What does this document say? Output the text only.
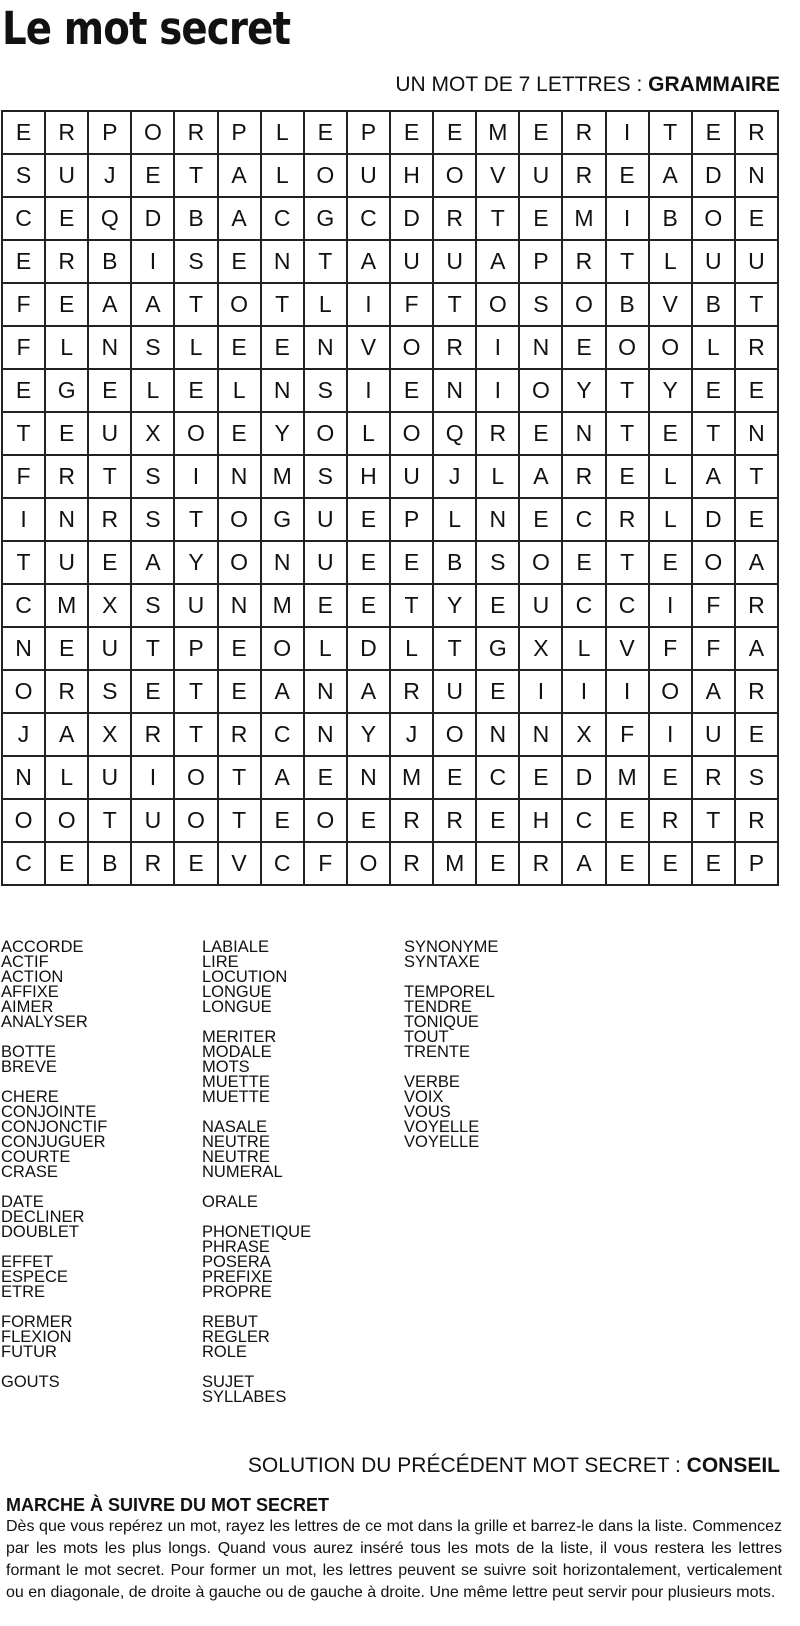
Le mot secret
UN MOT DE 7 LETTRES : GRAMMAIRE
E	R	P	O	R	P	L	E	P	E	E	M	E	R	I	T	E	R
S	U	J	E	T	A	L	O	U	H	O	V	U	R	E	A	D	N
C	E	Q	D	B	A	C	G	C	D	R	T	E	M	I	B	O	E
E	R	B	I	S	E	N	T	A	U	U	A	P	R	T	L	U	U
F	E	A	A	T	O	T	L	I	F	T	O	S	O	B	V	B	T
F	L	N	S	L	E	E	N	V	O	R	I	N	E	O	O	L	R
E	G	E	L	E	L	N	S	I	E	N	I	O	Y	T	Y	E	E
T	E	U	X	O	E	Y	O	L	O	Q	R	E	N	T	E	T	N
F	R	T	S	I	N	M	S	H	U	J	L	A	R	E	L	A	T
I	N	R	S	T	O	G	U	E	P	L	N	E	C	R	L	D	E
T	U	E	A	Y	O	N	U	E	E	B	S	O	E	T	E	O	A
C	M	X	S	U	N	M	E	E	T	Y	E	U	C	C	I	F	R
N	E	U	T	P	E	O	L	D	L	T	G	X	L	V	F	F	A
O	R	S	E	T	E	A	N	A	R	U	E	I	I	I	O	A	R
J	A	X	R	T	R	C	N	Y	J	O	N	N	X	F	I	U	E
N	L	U	I	O	T	A	E	N	M	E	C	E	D	M	E	R	S
O	O	T	U	O	T	E	O	E	R	R	E	H	C	E	R	T	R
C	E	B	R	E	V	C	F	O	R	M	E	R	A	E	E	E	P
ACCORDE
ACTIF
ACTION
AFFIXE
AIMER
ANALYSER
BOTTE
BREVE
CHERE
CONJOINTE
CONJONCTIF
CONJUGUER
COURTE
CRASE
DATE
DECLINER
DOUBLET
EFFET
ESPECE
ETRE
FORMER
FLEXION
FUTUR
GOUTS
LABIALE
LIRE
LOCUTION
LONGUE
LONGUE
MERITER
MODALE
MOTS
MUETTE
MUETTE
NASALE
NEUTRE
NEUTRE
NUMERAL
ORALE
PHONETIQUE
PHRASE
POSERA
PREFIXE
PROPRE
REBUT
REGLER
ROLE
SUJET
SYLLABES
SYNONYME
SYNTAXE
TEMPOREL
TENDRE
TONIQUE
TOUT
TRENTE
VERBE
VOIX
VOUS
VOYELLE
VOYELLE
SOLUTION DU PRÉCÉDENT MOT SECRET : CONSEIL
MARCHE À SUIVRE DU MOT SECRET
Dès que vous repérez un mot, rayez les lettres de ce mot dans la grille et barrez-le dans la liste. Commencez par les mots les plus longs. Quand vous aurez inséré tous les mots de la liste, il vous restera les lettres formant le mot secret. Pour former un mot, les lettres peuvent se suivre soit horizontalement, verticalement ou en diagonale, de droite à gauche ou de gauche à droite. Une même lettre peut servir pour plusieurs mots.
